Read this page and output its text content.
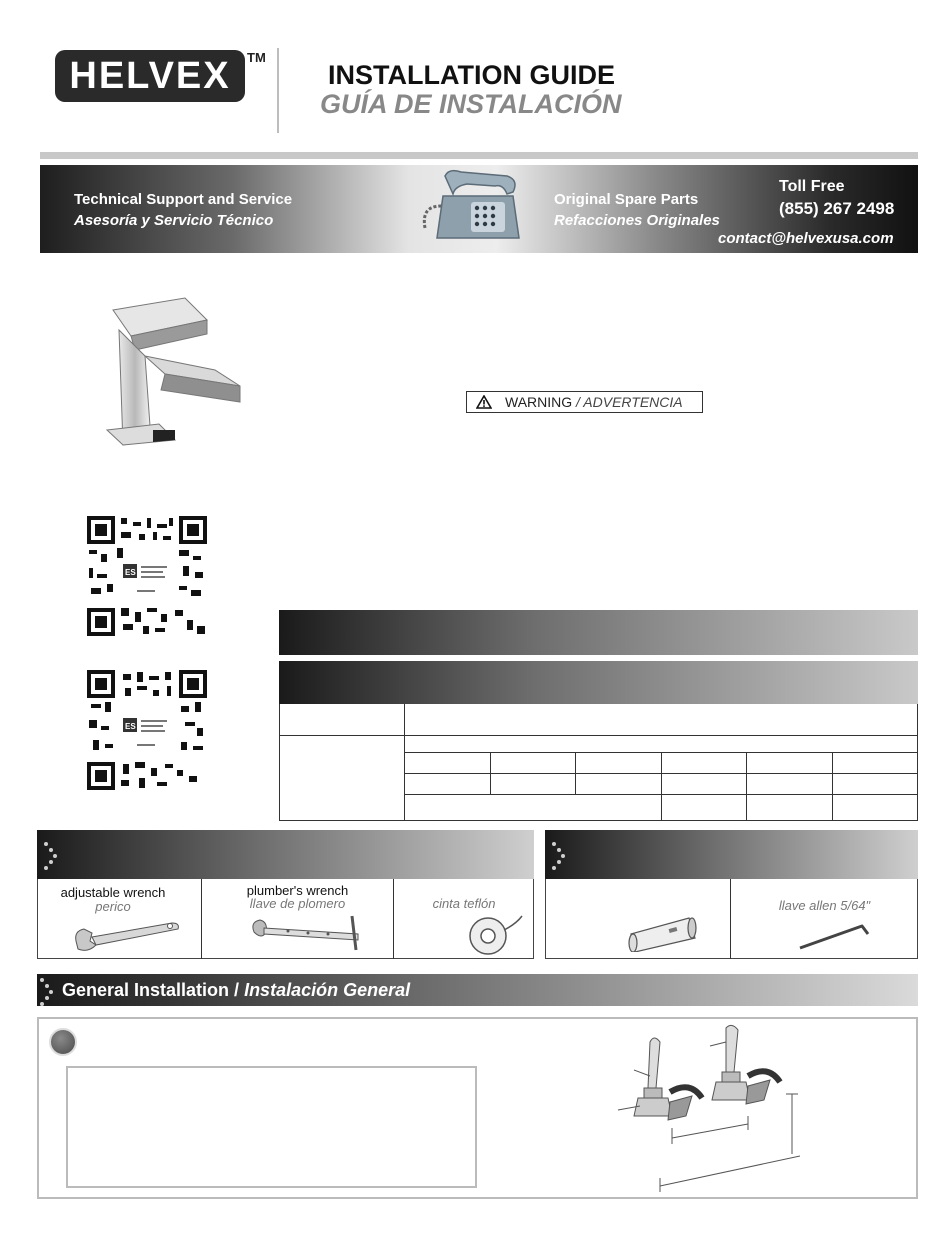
HELVEX	TM
INSTALLATION GUIDE
GUÍA DE INSTALACIÓN
Technical Support and Service
Asesoría y Servicio Técnico
Original Spare Parts
Refacciones Originales
Toll Free
(855) 267 2498
contact@helvexusa.com
WARNING / ADVERTENCIA
ES
ES
adjustable wrench
perico
plumber's wrench
llave de plomero	cinta teflón	llave allen 5/64"
General Installation / Instalación General
